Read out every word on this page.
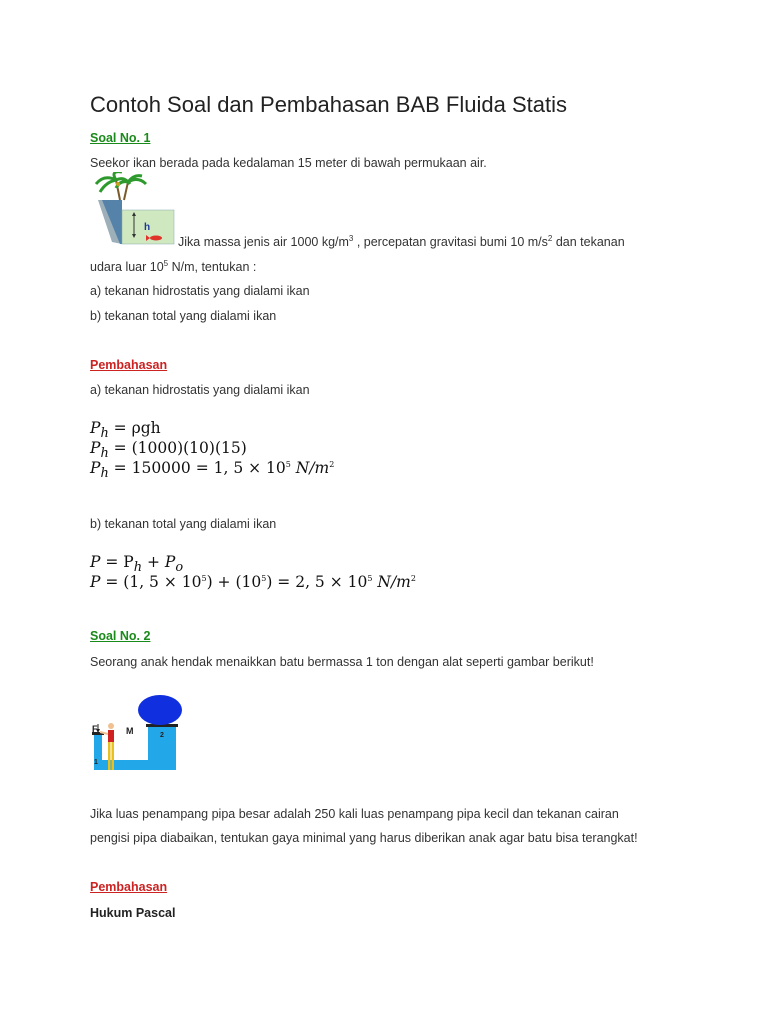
Contoh Soal dan Pembahasan BAB Fluida Statis
Soal No. 1
Seekor ikan berada pada kedalaman 15 meter di bawah permukaan air.
h
Jika massa jenis air 1000 $kg/m^3$ , percepatan gravitasi bumi 10 $m/s^2$ dan tekanan
udara luar $10^5$ N/m, tentukan :
a) tekanan hidrostatis yang dialami ikan
b) tekanan total yang dialami ikan
Pembahasan
a) tekanan hidrostatis yang dialami ikan
$P_h = \rho gh$
$P_h = (1000)(10)(15)$
$P_h = 150000 = 1$, $5 \times 10^5$ $N/m^2$
b) tekanan total yang dialami ikan
$P = P_h + P_o$
P = (1, $5 \times 10^5) + (10^5) = 2$, $5 \times 10^5$ $N/m^2$
Soal No. 2
Seorang anak hendak menaikkan batu bermassa 1 ton dengan alat seperti gambar berikut!
F	M
1
2
Jika luas penampang pipa besar adalah 250 kali luas penampang pipa kecil dan tekanan cairan
pengisi pipa diabaikan, tentukan gaya minimal yang harus diberikan anak agar batu bisa terangkat!
Pembahasan
Hukum Pascal
